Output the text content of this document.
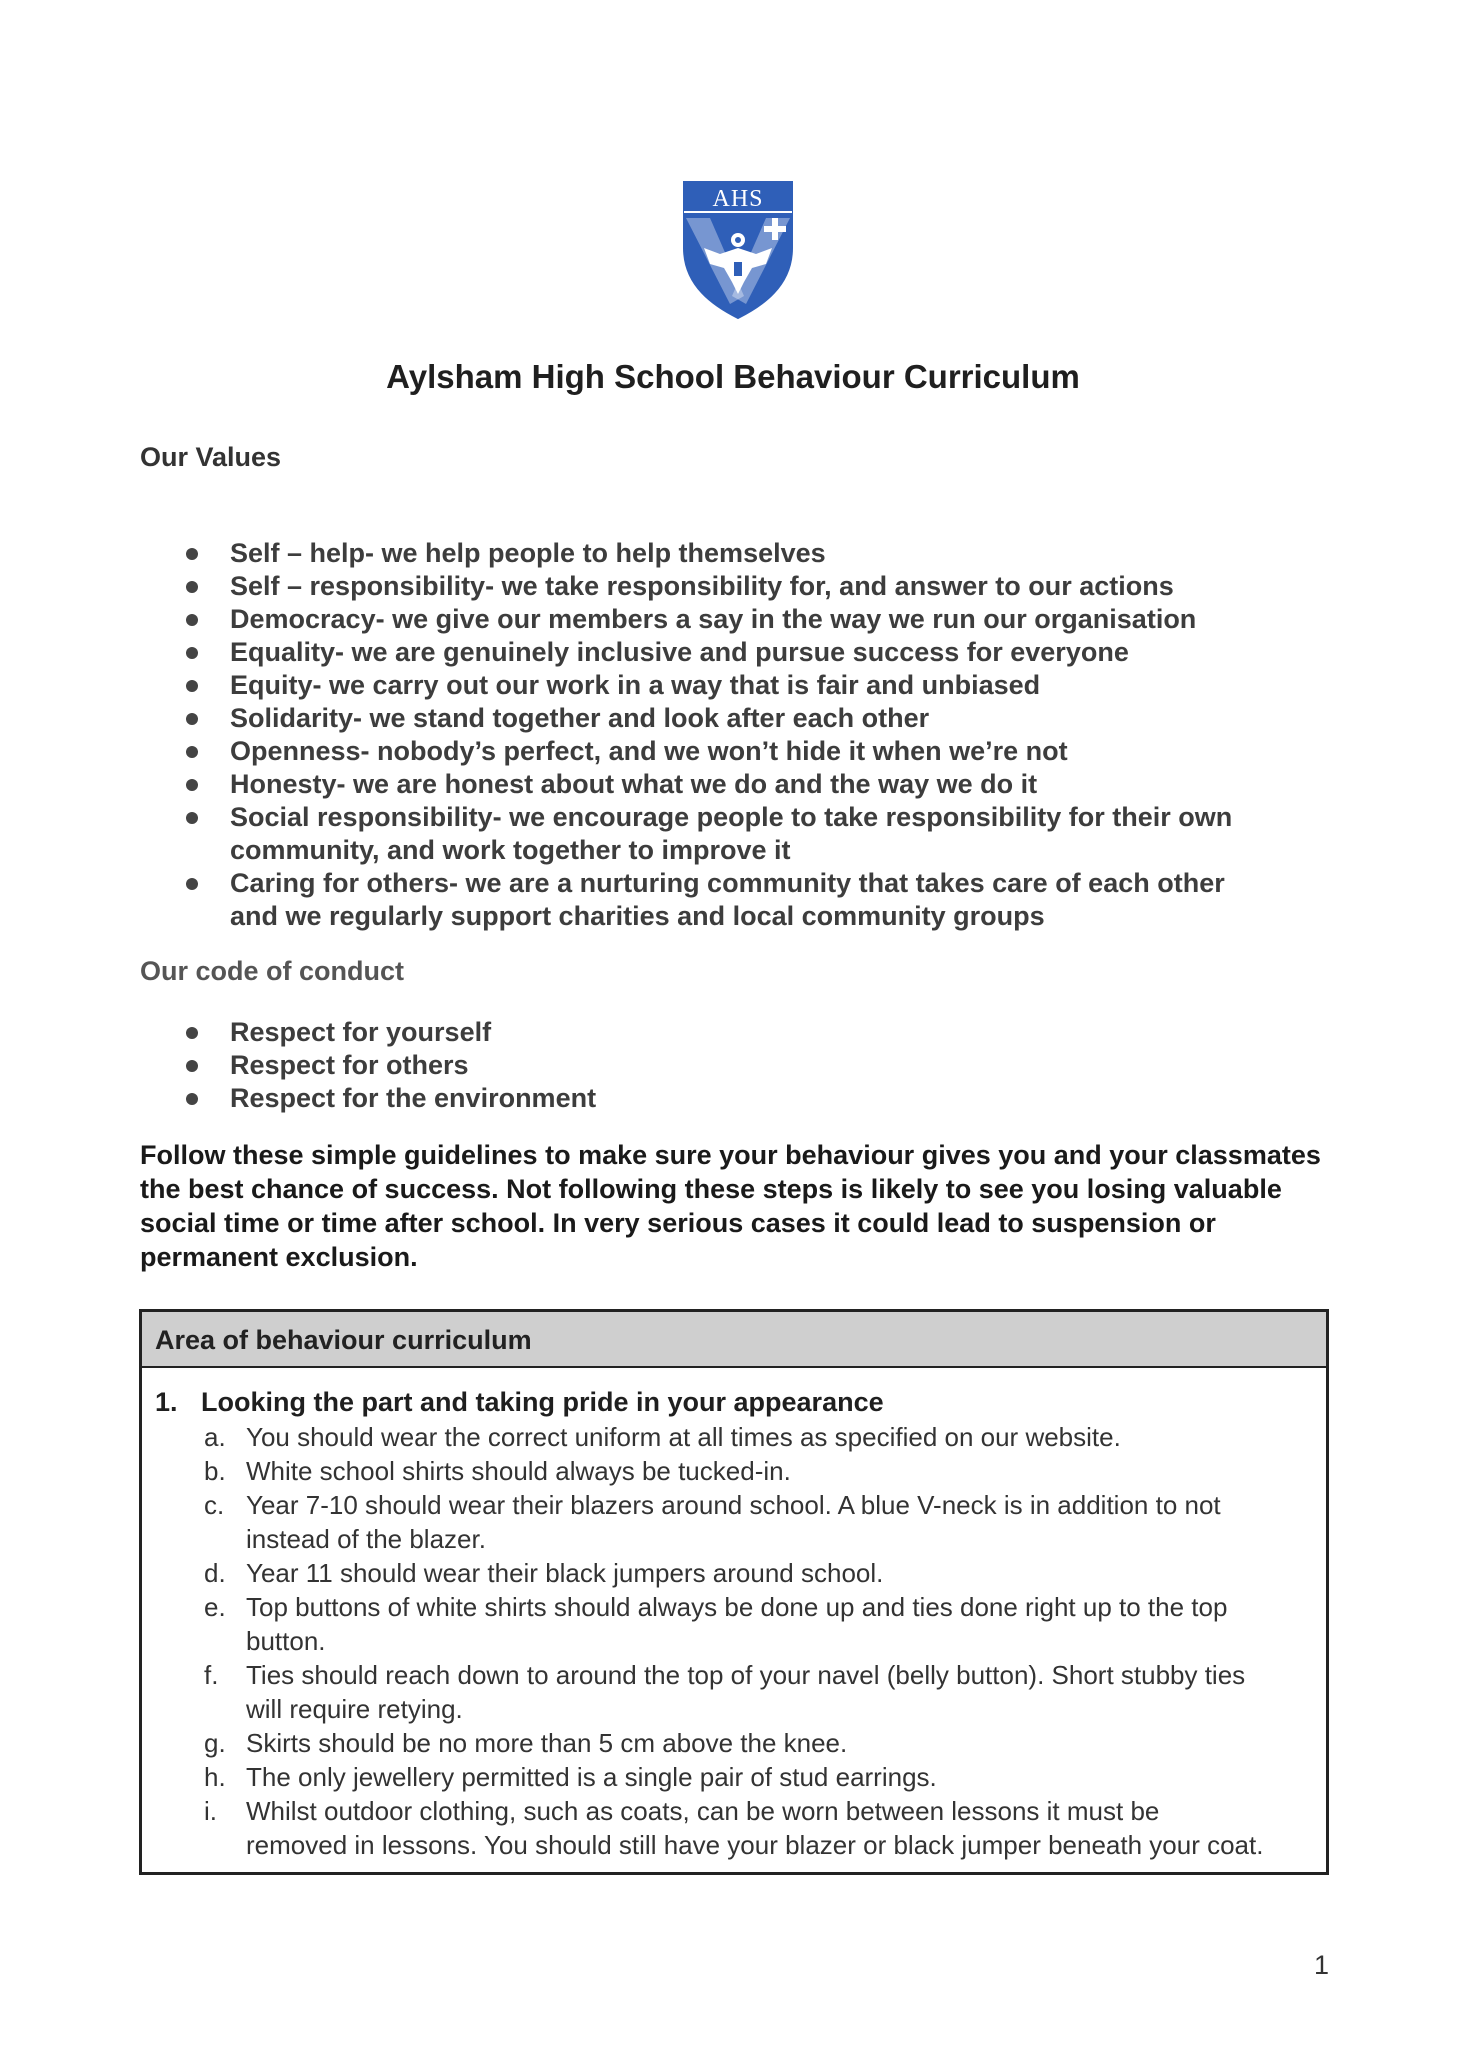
AHS
Aylsham High School Behaviour Curriculum
Our Values
Self – help- we help people to help themselves
Self – responsibility- we take responsibility for, and answer to our actions
Democracy- we give our members a say in the way we run our organisation
Equality- we are genuinely inclusive and pursue success for everyone
Equity- we carry out our work in a way that is fair and unbiased
Solidarity- we stand together and look after each other
Openness- nobody’s perfect, and we won’t hide it when we’re not
Honesty- we are honest about what we do and the way we do it
Social responsibility- we encourage people to take responsibility for their own
community, and work together to improve it
Caring for others- we are a nurturing community that takes care of each other
and we regularly support charities and local community groups
Our code of conduct
Respect for yourself
Respect for others
Respect for the environment

Follow these simple guidelines to make sure your behaviour gives you and your classmates
the best chance of success. Not following these steps is likely to see you losing valuable
social time or time after school. In very serious cases it could lead to suspension or
permanent exclusion.

Area of behaviour curriculum
1. Looking the part and taking pride in your appearance
a. You should wear the correct uniform at all times as specified on our website.
b. White school shirts should always be tucked-in.
c. Year 7-10 should wear their blazers around school. A blue V-neck is in addition to not
instead of the blazer.
d. Year 11 should wear their black jumpers around school.
e. Top buttons of white shirts should always be done up and ties done right up to the top
button.
f. Ties should reach down to around the top of your navel (belly button). Short stubby ties
will require retying.
g. Skirts should be no more than 5 cm above the knee.
h. The only jewellery permitted is a single pair of stud earrings.
i. Whilst outdoor clothing, such as coats, can be worn between lessons it must be
removed in lessons. You should still have your blazer or black jumper beneath your coat.
1
